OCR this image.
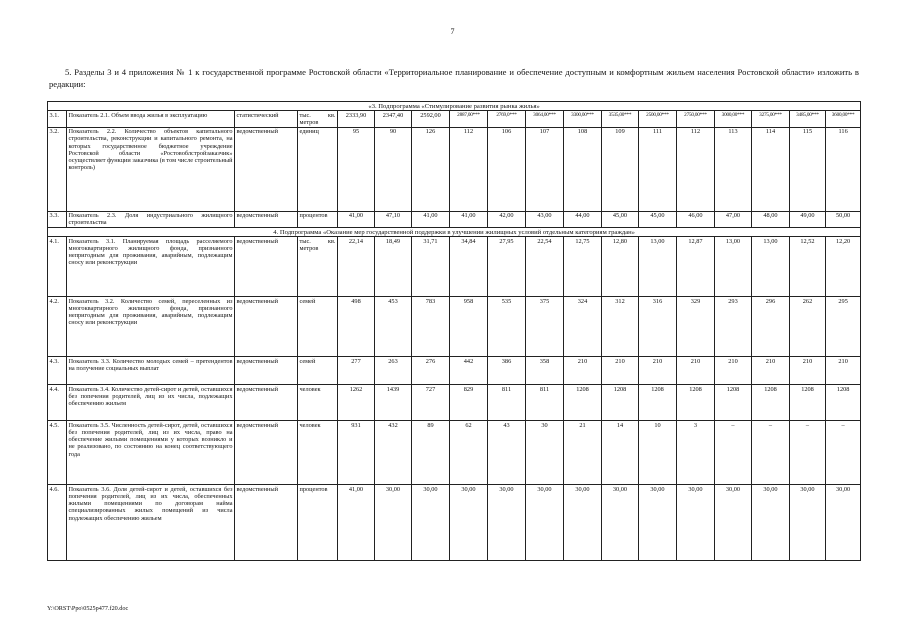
7
5. Разделы 3 и 4 приложения № 1 к государственной программе Ростовской области «Территориальное планирование и обеспечение доступным и комфортным жильем населения Ростовской области» изложить в редакции:
«3. Подпрограмма «Стимулирование развития рынка жилья»																	
3.1.	Показатель 2.1. Объем ввода жилья в эксплуатацию	статистический	тыс. кв. метров	2333,90	2347,40	2592,00	2887,00***	2769,0***	3064,00***	3300,00***	3535,00***	2500,00***	2750,00***	3000,00***	3275,00***	3485,00***	3600,00***
3.2.	Показатель 2.2. Количество объектов капитального строительства, реконструкции и капитального ремонта, на которых государственное бюджетное учреждение Ростовской области «Ростовоблстройзаказчик» осуществляет функции заказчика (в том числе строительный контроль)	ведомственный	единиц	95	90	126	112	106	107	108	109	111	112	113	114	115	116
3.3.	Показатель 2.3. Доля индустриального жилищного строительства	ведомственный	процентов	41,00	47,10	41,00	41,00	42,00	43,00	44,00	45,00	45,00	46,00	47,00	48,00	49,00	50,00
4. Подпрограмма «Оказание мер государственной поддержки в улучшении жилищных условий отдельным категориям граждан»																	
4.1.	Показатель 3.1. Планируемая площадь расселяемого многоквартирного жилищного фонда, признанного непригодным для проживания, аварийным, подлежащим сносу или реконструкции	ведомственный	тыс. кв. метров	22,14	18,49	31,71	34,84	27,95	22,54	12,75	12,80	13,00	12,87	13,00	13,00	12,52	12,20
4.2.	Показатель 3.2. Количество семей, переселенных из многоквартирного жилищного фонда, признанного непригодным для проживания, аварийным, подлежащим сносу или реконструкции	ведомственный	семей	498	453	783	958	535	375	324	312	316	329	293	296	262	295
4.3.	Показатель 3.3. Количество молодых семей – претендентов на получение социальных выплат	ведомственный	семей	277	263	276	442	386	358	210	210	210	210	210	210	210	210
4.4.	Показатель 3.4. Количество детей-сирот и детей, оставшихся без попечения родителей, лиц из их числа, подлежащих обеспечению жильем	ведомственный	человек	1262	1439	727	829	811	811	1208	1208	1208	1208	1208	1208	1208	1208
4.5.	Показатель 3.5. Численность детей-сирот, детей, оставшихся без попечения родителей, лиц из их числа, право на обеспечение жилыми помещениями у которых возникло и не реализовано, по состоянию на конец соответствующего года	ведомственный	человек	931	432	89	62	43	30	21	14	10	3	–	–	–	–
4.6.	Показатель 3.6. Доля детей-сирот и детей, оставшихся без попечения родителей, лиц из их числа, обеспеченных жилыми помещениями по договорам найма специализированных жилых помещений из числа подлежащих обеспечению жильем	ведомственный	процентов	41,00	30,00	30,00	30,00	30,00	30,00	30,00	30,00	30,00	30,00	30,00	30,00	30,00	30,00
Y:\ORST\Ppo\0525p477.f20.doc
